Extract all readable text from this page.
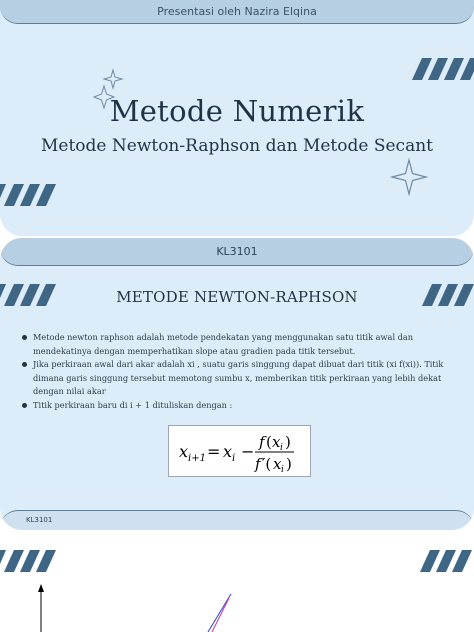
Presentasi oleh Nazira Elqina
Metode Numerik
Metode Newton-Raphson dan Metode Secant
KL3101
METODE NEWTON-RAPHSON
Metode newton raphson adalah metode pendekatan yang menggunakan satu titik awal dan mendekatinya dengan memperhatikan slope atau gradien pada titik tersebut.
Jika perkiraan awal dari akar adalah xi , suatu garis singgung dapat dibuat dari titik (xi f(xi)). Titik dimana garis singgung tersebut memotong sumbu x, memberikan titik perkiraan yang lebih dekat dengan nilai akar
Titik perkiraan baru di i + 1 dituliskan dengan :
x i+1 = x i − f ( x i )
f ′( x i )
KL3101
